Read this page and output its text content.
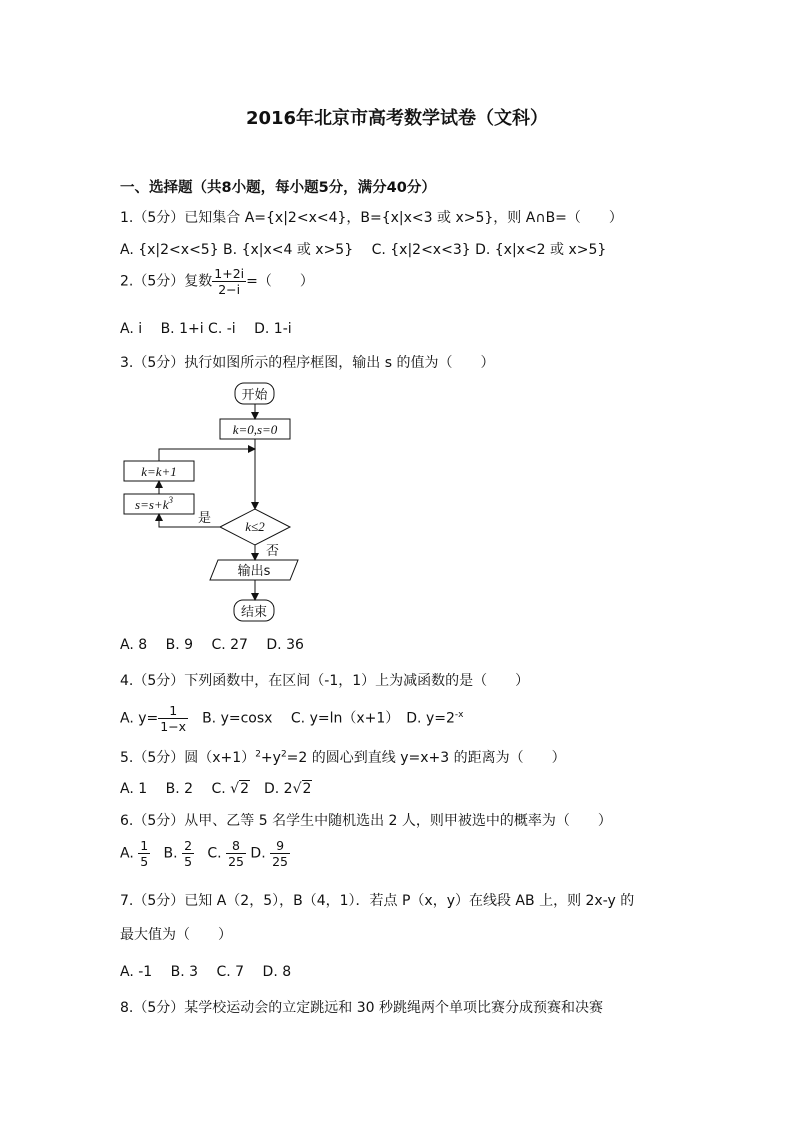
2016年北京市高考数学试卷（文科）
一、选择题（共8小题，每小题5分，满分40分）
1.（5分）已知集合 A={x|2<x<4}，B={x|x<3 或 x>5}，则 A∩B=（　　）
A. {x|2<x<5} B. {x|x<4 或 x>5}　 C. {x|2<x<3} D. {x|x<2 或 x>5}
2.（5分）复数 $\frac{1+2i}{2-i}$ =（　　）
A. i　 B. 1+i C. -i　 D. 1-i
3.（5分）执行如图所示的程序框图，输出 s 的值为（　　）
开始
k=0,s=0
k=k+1
$s=s+k^3$
k≤2
是
否
输出s
结束
A. 8　 B. 9　 C. 27　 D. 36
4.（5分）下列函数中，在区间（-1，1）上为减函数的是（　　）
A. $y= \frac{1}{1-x}$ 　B. y=cosx　 C. y=ln（x+1）　D. $y=2^{-x}$
5.（5分）圆$(x+1)^2+y^2=2$ 的圆心到直线 y=x+3 的距离为（　　）
A. 1　 B. 2　 C. √2　D. 2√2
6.（5分）从甲、乙等 5 名学生中随机选出 2 人，则甲被选中的概率为（　　）
A. $\frac{1}{5} B$. $\frac{2}{5} C$. $\frac{8}{25} D$. $\frac{9}{25}$
7.（5分）已知 A（2，5），B（4，1）．若点 P（x，y）在线段 AB 上，则 2x-y 的
最大值为（　　）
A. -1　 B. 3　 C. 7　 D. 8
8.（5分）某学校运动会的立定跳远和 30 秒跳绳两个单项比赛分成预赛和决赛
